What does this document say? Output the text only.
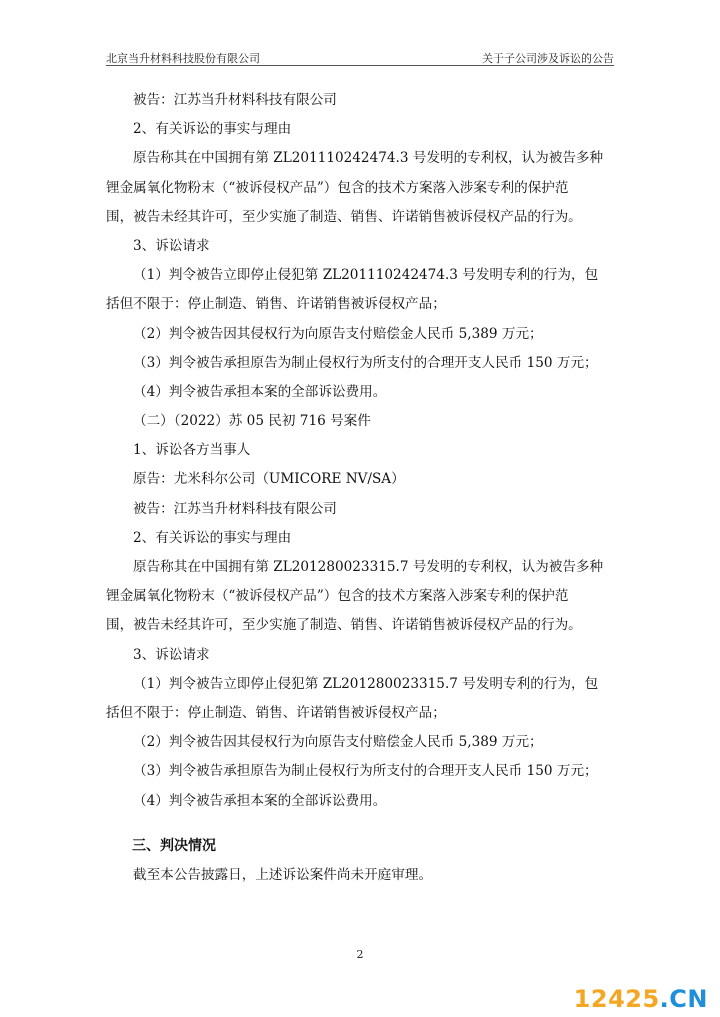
北京当升材料科技股份有限公司	关于子公司涉及诉讼的公告
被告：江苏当升材料科技有限公司
2、有关诉讼的事实与理由
原告称其在中国拥有第 ZL201110242474.3 号发明的专利权，认为被告多种
锂金属氧化物粉末（“被诉侵权产品”）包含的技术方案落入涉案专利的保护范
围，被告未经其许可，至少实施了制造、销售、许诺销售被诉侵权产品的行为。
3、诉讼请求
（1）判令被告立即停止侵犯第 ZL201110242474.3 号发明专利的行为，包
括但不限于：停止制造、销售、许诺销售被诉侵权产品；
（2）判令被告因其侵权行为向原告支付赔偿金人民币 5,389 万元；
（3）判令被告承担原告为制止侵权行为所支付的合理开支人民币 150 万元；
（4）判令被告承担本案的全部诉讼费用。
（二）（2022）苏 05 民初 716 号案件
1、诉讼各方当事人
原告：尤米科尔公司（UMICORE NV/SA）
被告：江苏当升材料科技有限公司
2、有关诉讼的事实与理由
原告称其在中国拥有第 ZL201280023315.7 号发明的专利权，认为被告多种
锂金属氧化物粉末（“被诉侵权产品”）包含的技术方案落入涉案专利的保护范
围，被告未经其许可，至少实施了制造、销售、许诺销售被诉侵权产品的行为。
3、诉讼请求
（1）判令被告立即停止侵犯第 ZL201280023315.7 号发明专利的行为，包
括但不限于：停止制造、销售、许诺销售被诉侵权产品；
（2）判令被告因其侵权行为向原告支付赔偿金人民币 5,389 万元；
（3）判令被告承担原告为制止侵权行为所支付的合理开支人民币 150 万元；
（4）判令被告承担本案的全部诉讼费用。
三、判决情况
截至本公告披露日，上述诉讼案件尚未开庭审理。
2
12425.CN
